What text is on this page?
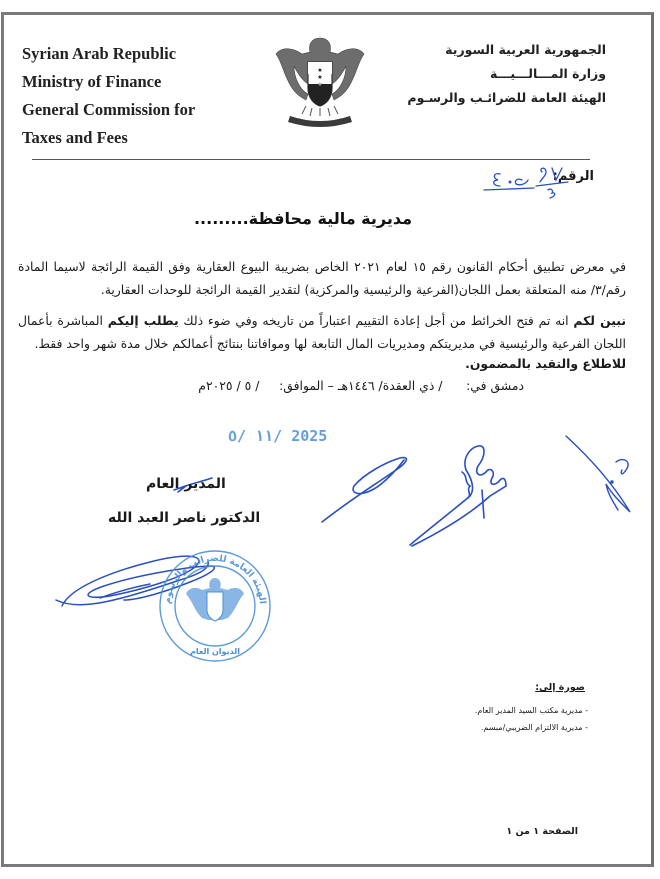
Syrian Arab Republic
Ministry of Finance
General Commission for
Taxes and Fees
★
★
★
الجمهورية العربية السورية
وزارة المـــالـــيـــة
الهيئة العامة للضرائـب والرسـوم
الرقم:
مديرية مالية محافظة.........

في معرض تطبيق أحكام القانون رقم ١٥ لعام ٢٠٢١ الخاص بضريبة البيوع العقارية وفق القيمة الرائجة لاسيما المادة رقم/٣/ منه المتعلقة بعمل اللجان(الفرعية والرئيسية والمركزية) لتقدير القيمة الرائجة للوحدات العقارية.

نبين لكم انه تم فتح الخرائط من أجل إعادة التقييم اعتباراً من تاريخه وفي ضوء ذلك يطلب إليكم المباشرة بأعمال اللجان الفرعية والرئيسية في مديريتكم ومديريات المال التابعة لها وموافاتنا بنتائج أعمالكم خلال مدة شهر واحد فقط.

للاطلاع والتقيد بالمضمون.

دمشق في:      / ذي العقدة/ ١٤٤٦هـ – الموافق:     / ٥ / ٢٠٢٥م
١١ /٥/ 2025
الهيئة العامة للضرائب والرسوم
الديوان العام
المدير العام
الدكتور ناصر العبد الله
صورة إلى:
- مديرية مكتب السيد المدير العام.
- مديرية الالتزام الضريبي/مبسم.
الصفحة ١ من ١
